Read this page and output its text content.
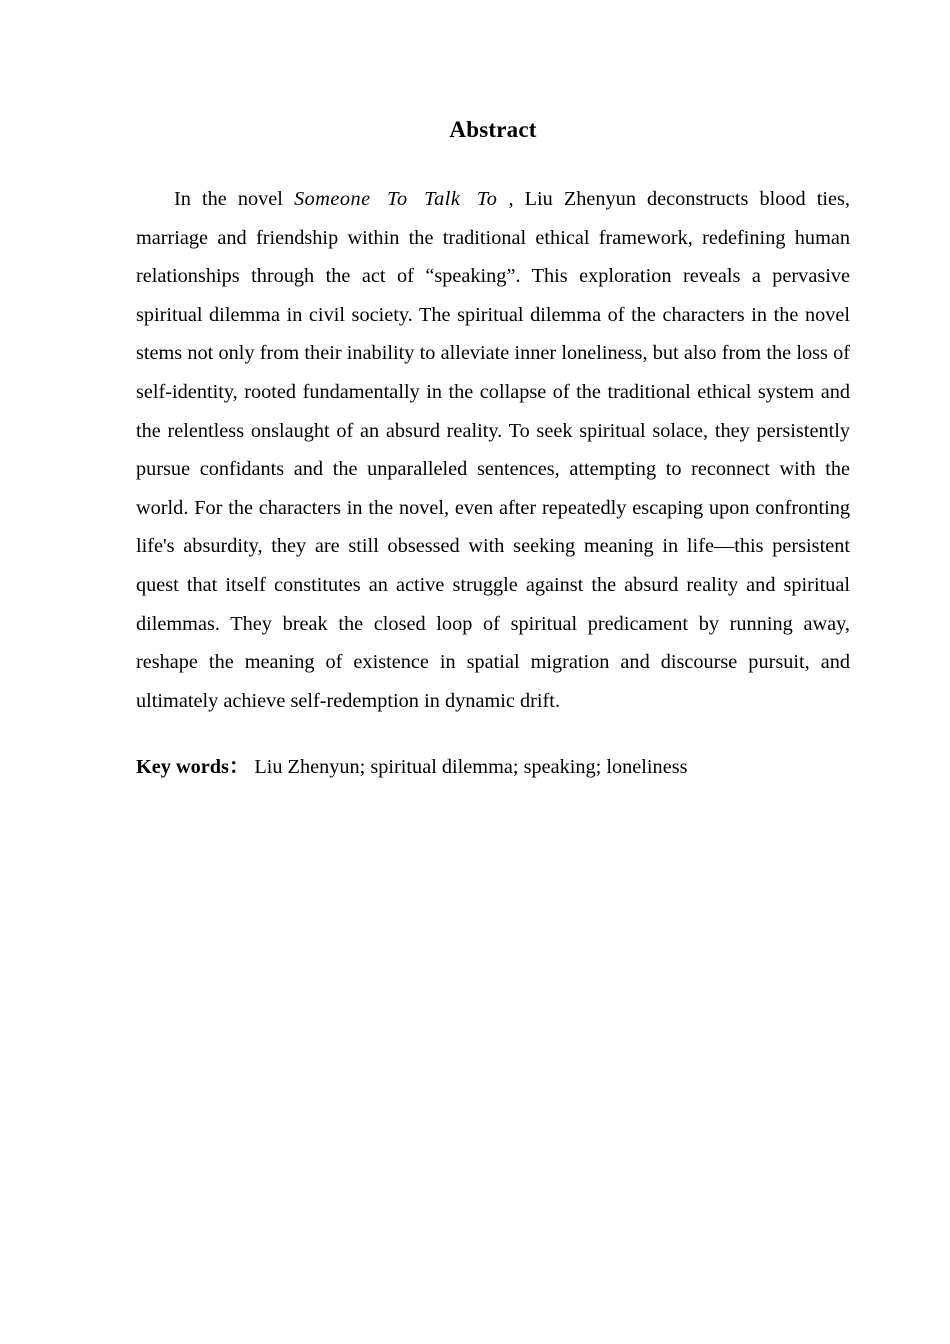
Abstract

In the novel Someone To Talk To , Liu Zhenyun deconstructs blood ties, marriage and friendship within the traditional ethical framework, redefining human relationships through the act of “speaking”. This exploration reveals a pervasive spiritual dilemma in civil society. The spiritual dilemma of the characters in the novel stems not only from their inability to alleviate inner loneliness, but also from the loss of self-identity, rooted fundamentally in the collapse of the traditional ethical system and the relentless onslaught of an absurd reality. To seek spiritual solace, they persistently pursue confidants and the unparalleled sentences, attempting to reconnect with the world. For the characters in the novel, even after repeatedly escaping upon confronting life's absurdity, they are still obsessed with seeking meaning in life—this persistent quest that itself constitutes an active struggle against the absurd reality and spiritual dilemmas. They break the closed loop of spiritual predicament by running away, reshape the meaning of existence in spatial migration and discourse pursuit, and ultimately achieve self-redemption in dynamic drift.

Key words： Liu Zhenyun; spiritual dilemma; speaking; loneliness
